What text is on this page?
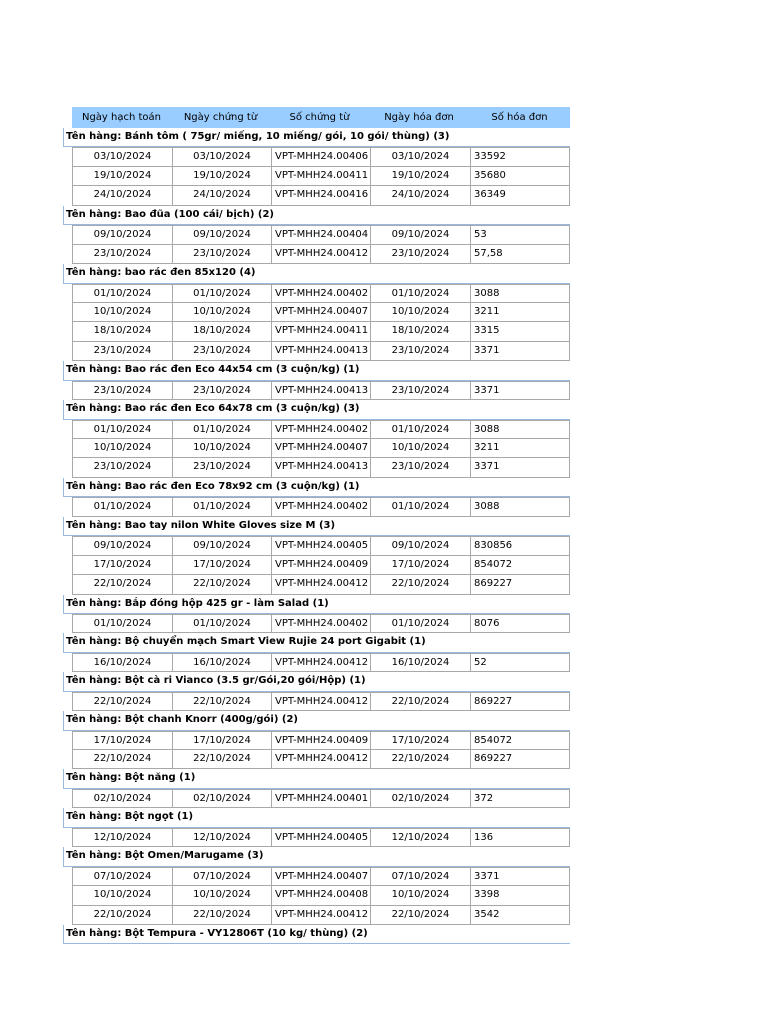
Ngày hạch toán	Ngày chứng từ	Số chứng từ	Ngày hóa đơn	Số hóa đơn
Tên hàng: Bánh tôm ( 75gr/ miếng, 10 miếng/ gói, 10 gói/ thùng) (3)
03/10/2024	03/10/2024	VPT-MHH24.00406	03/10/2024	33592
19/10/2024	19/10/2024	VPT-MHH24.00411	19/10/2024	35680
24/10/2024	24/10/2024	VPT-MHH24.00416	24/10/2024	36349
Tên hàng: Bao đũa (100 cái/ bịch) (2)
09/10/2024	09/10/2024	VPT-MHH24.00404	09/10/2024	53
23/10/2024	23/10/2024	VPT-MHH24.00412	23/10/2024	57,58
Tên hàng: bao rác đen 85x120 (4)
01/10/2024	01/10/2024	VPT-MHH24.00402	01/10/2024	3088
10/10/2024	10/10/2024	VPT-MHH24.00407	10/10/2024	3211
18/10/2024	18/10/2024	VPT-MHH24.00411	18/10/2024	3315
23/10/2024	23/10/2024	VPT-MHH24.00413	23/10/2024	3371
Tên hàng: Bao rác đen Eco 44x54 cm (3 cuộn/kg) (1)
23/10/2024	23/10/2024	VPT-MHH24.00413	23/10/2024	3371
Tên hàng: Bao rác đen Eco 64x78 cm (3 cuộn/kg) (3)
01/10/2024	01/10/2024	VPT-MHH24.00402	01/10/2024	3088
10/10/2024	10/10/2024	VPT-MHH24.00407	10/10/2024	3211
23/10/2024	23/10/2024	VPT-MHH24.00413	23/10/2024	3371
Tên hàng: Bao rác đen Eco 78x92 cm (3 cuộn/kg) (1)
01/10/2024	01/10/2024	VPT-MHH24.00402	01/10/2024	3088
Tên hàng: Bao tay nilon White Gloves size M (3)
09/10/2024	09/10/2024	VPT-MHH24.00405	09/10/2024	830856
17/10/2024	17/10/2024	VPT-MHH24.00409	17/10/2024	854072
22/10/2024	22/10/2024	VPT-MHH24.00412	22/10/2024	869227
Tên hàng: Bắp đóng hộp 425 gr - làm Salad (1)
01/10/2024	01/10/2024	VPT-MHH24.00402	01/10/2024	8076
Tên hàng: Bộ chuyển mạch Smart View Rujie 24 port Gigabit (1)
16/10/2024	16/10/2024	VPT-MHH24.00412	16/10/2024	52
Tên hàng: Bột cà ri Vianco (3.5 gr/Gói,20 gói/Hộp) (1)
22/10/2024	22/10/2024	VPT-MHH24.00412	22/10/2024	869227
Tên hàng: Bột chanh Knorr (400g/gói) (2)
17/10/2024	17/10/2024	VPT-MHH24.00409	17/10/2024	854072
22/10/2024	22/10/2024	VPT-MHH24.00412	22/10/2024	869227
Tên hàng: Bột năng (1)
02/10/2024	02/10/2024	VPT-MHH24.00401	02/10/2024	372
Tên hàng: Bột ngọt (1)
12/10/2024	12/10/2024	VPT-MHH24.00405	12/10/2024	136
Tên hàng: Bột Omen/Marugame (3)
07/10/2024	07/10/2024	VPT-MHH24.00407	07/10/2024	3371
10/10/2024	10/10/2024	VPT-MHH24.00408	10/10/2024	3398
22/10/2024	22/10/2024	VPT-MHH24.00412	22/10/2024	3542
Tên hàng: Bột Tempura - VY12806T (10 kg/ thùng) (2)
